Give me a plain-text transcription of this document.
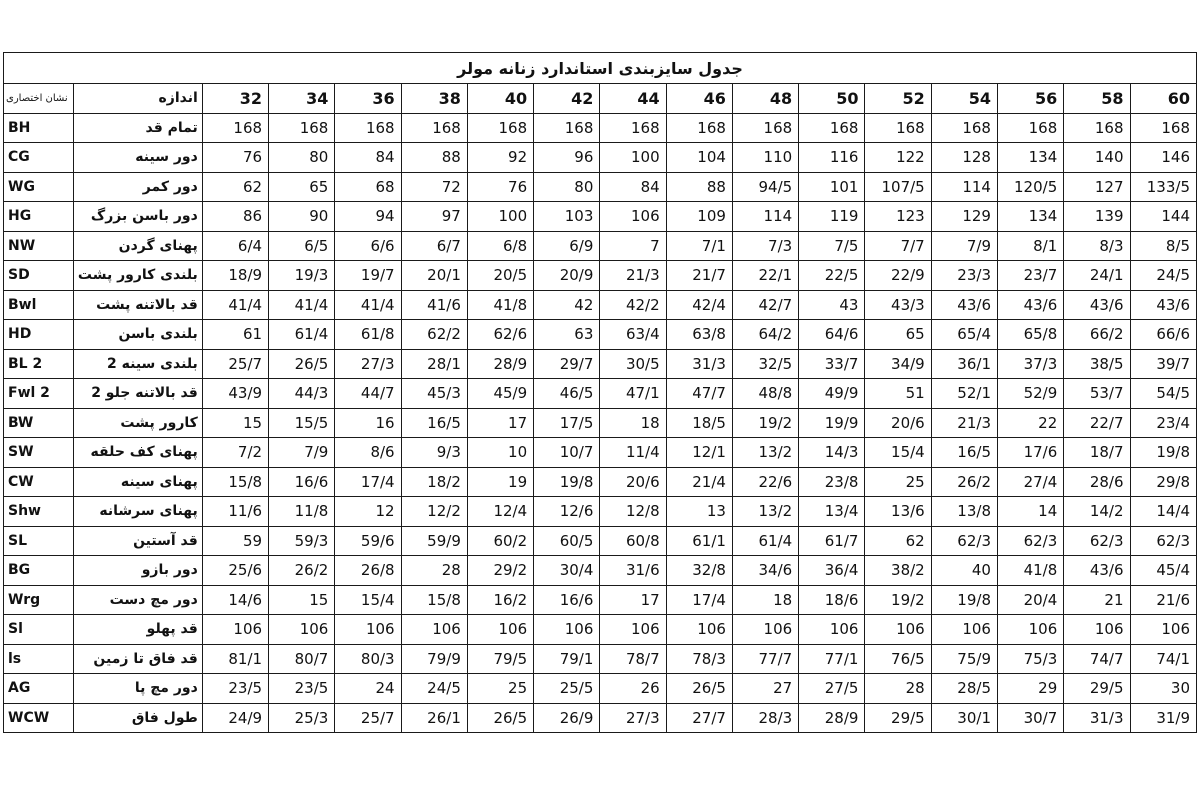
جدول سایزبندی استاندارد زنانه مولر																
نشان اختصاری	اندازه	32	34	36	38	40	42	44	46	48	50	52	54	56	58	60
BH	تمام قد	168	168	168	168	168	168	168	168	168	168	168	168	168	168	168
CG	دور سینه	76	80	84	88	92	96	100	104	110	116	122	128	134	140	146
WG	دور کمر	62	65	68	72	76	80	84	88	94/5	101	107/5	114	120/5	127	133/5
HG	دور باسن بزرگ	86	90	94	97	100	103	106	109	114	119	123	129	134	139	144
NW	پهنای گردن	6/4	6/5	6/6	6/7	6/8	6/9	7	7/1	7/3	7/5	7/7	7/9	8/1	8/3	8/5
SD	بلندی کارور پشت	18/9	19/3	19/7	20/1	20/5	20/9	21/3	21/7	22/1	22/5	22/9	23/3	23/7	24/1	24/5
Bwl	قد بالاتنه پشت	41/4	41/4	41/4	41/6	41/8	42	42/2	42/4	42/7	43	43/3	43/6	43/6	43/6	43/6
HD	بلندی باسن	61	61/4	61/8	62/2	62/6	63	63/4	63/8	64/2	64/6	65	65/4	65/8	66/2	66/6
BL 2	بلندی سینه 2	25/7	26/5	27/3	28/1	28/9	29/7	30/5	31/3	32/5	33/7	34/9	36/1	37/3	38/5	39/7
Fwl 2	قد بالاتنه جلو 2	43/9	44/3	44/7	45/3	45/9	46/5	47/1	47/7	48/8	49/9	51	52/1	52/9	53/7	54/5
BW	کارور پشت	15	15/5	16	16/5	17	17/5	18	18/5	19/2	19/9	20/6	21/3	22	22/7	23/4
SW	پهنای کف حلقه	7/2	7/9	8/6	9/3	10	10/7	11/4	12/1	13/2	14/3	15/4	16/5	17/6	18/7	19/8
CW	پهنای سینه	15/8	16/6	17/4	18/2	19	19/8	20/6	21/4	22/6	23/8	25	26/2	27/4	28/6	29/8
Shw	پهنای سرشانه	11/6	11/8	12	12/2	12/4	12/6	12/8	13	13/2	13/4	13/6	13/8	14	14/2	14/4
SL	قد آستین	59	59/3	59/6	59/9	60/2	60/5	60/8	61/1	61/4	61/7	62	62/3	62/3	62/3	62/3
BG	دور بازو	25/6	26/2	26/8	28	29/2	30/4	31/6	32/8	34/6	36/4	38/2	40	41/8	43/6	45/4
Wrg	دور مچ دست	14/6	15	15/4	15/8	16/2	16/6	17	17/4	18	18/6	19/2	19/8	20/4	21	21/6
Sl	قد پهلو	106	106	106	106	106	106	106	106	106	106	106	106	106	106	106
ls	قد فاق تا زمین	81/1	80/7	80/3	79/9	79/5	79/1	78/7	78/3	77/7	77/1	76/5	75/9	75/3	74/7	74/1
AG	دور مچ پا	23/5	23/5	24	24/5	25	25/5	26	26/5	27	27/5	28	28/5	29	29/5	30
WCW	طول فاق	24/9	25/3	25/7	26/1	26/5	26/9	27/3	27/7	28/3	28/9	29/5	30/1	30/7	31/3	31/9
